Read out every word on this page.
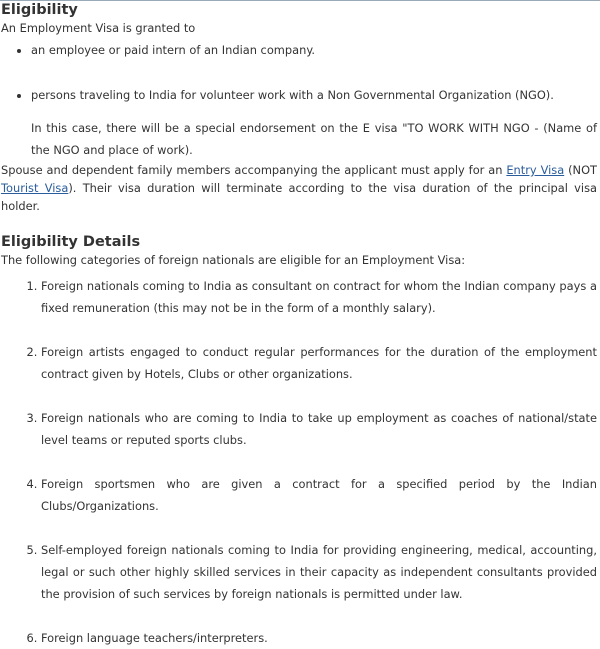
Eligibility

An Employment Visa is granted to

• an employee or paid intern of an Indian company.
• persons traveling to India for volunteer work with a Non Governmental Organization (NGO).

In this case, there will be a special endorsement on the E visa "TO WORK WITH NGO - (Name of the NGO and place of work).

Spouse and dependent family members accompanying the applicant must apply for an Entry Visa (NOT Tourist Visa). Their visa duration will terminate according to the visa duration of the principal visa holder.

Eligibility Details

The following categories of foreign nationals are eligible for an Employment Visa:

1. Foreign nationals coming to India as consultant on contract for whom the Indian company pays a fixed remuneration (this may not be in the form of a monthly salary).
2. Foreign artists engaged to conduct regular performances for the duration of the employment contract given by Hotels, Clubs or other organizations.
3. Foreign nationals who are coming to India to take up employment as coaches of national/state level teams or reputed sports clubs.
4. Foreign sportsmen who are given a contract for a specified period by the Indian Clubs/Organizations.
5. Self-employed foreign nationals coming to India for providing engineering, medical, accounting, legal or such other highly skilled services in their capacity as independent consultants provided the provision of such services by foreign nationals is permitted under law.
6. Foreign language teachers/interpreters.
